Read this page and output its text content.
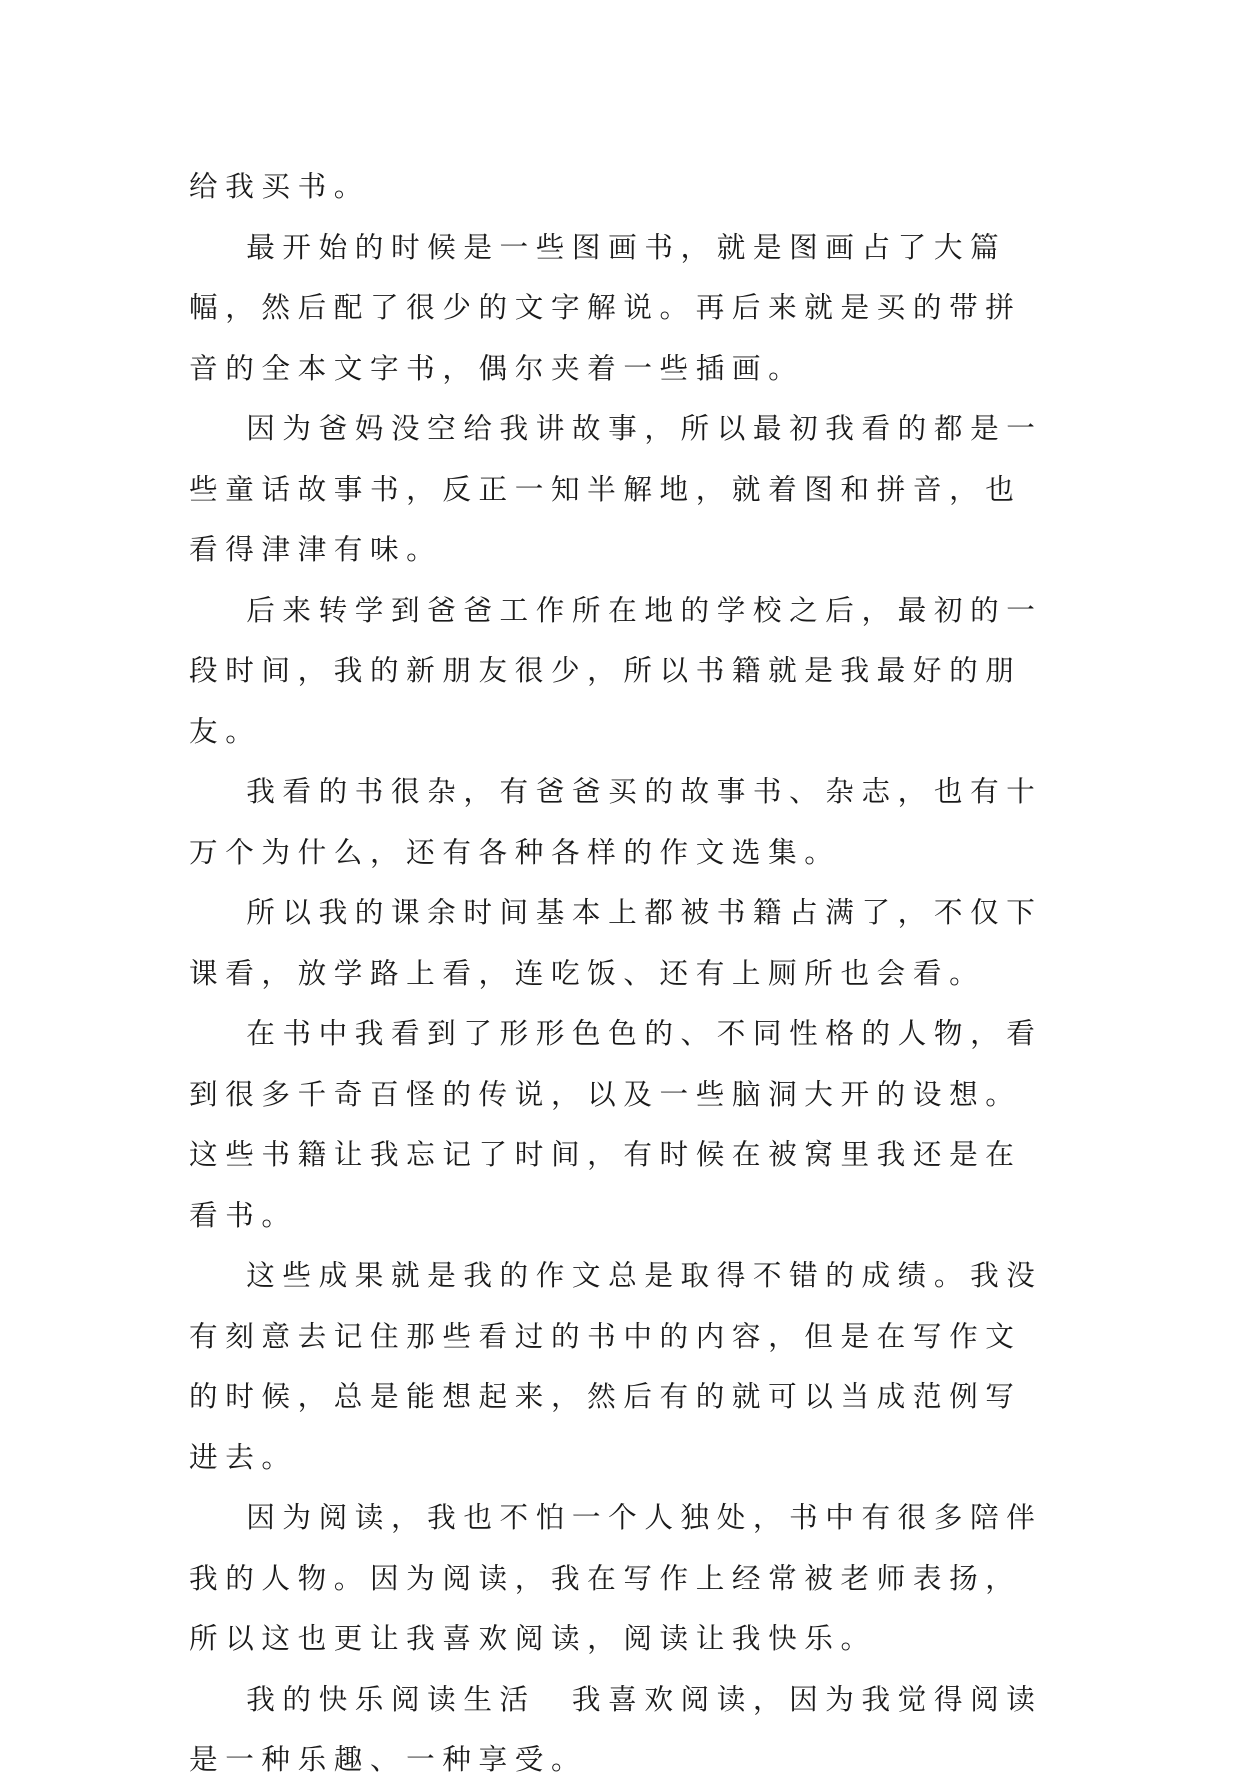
给我买书。

最开始的时候是一些图画书，就是图画占了大篇幅，然后配了很少的文字解说。再后来就是买的带拼音的全本文字书，偶尔夹着一些插画。

因为爸妈没空给我讲故事，所以最初我看的都是一些童话故事书，反正一知半解地，就着图和拼音，也看得津津有味。

后来转学到爸爸工作所在地的学校之后，最初的一段时间，我的新朋友很少，所以书籍就是我最好的朋友。

我看的书很杂，有爸爸买的故事书、杂志，也有十万个为什么，还有各种各样的作文选集。

所以我的课余时间基本上都被书籍占满了，不仅下课看，放学路上看，连吃饭、还有上厕所也会看。

在书中我看到了形形色色的、不同性格的人物，看到很多千奇百怪的传说，以及一些脑洞大开的设想。这些书籍让我忘记了时间，有时候在被窝里我还是在看书。

这些成果就是我的作文总是取得不错的成绩。我没有刻意去记住那些看过的书中的内容，但是在写作文的时候，总是能想起来，然后有的就可以当成范例写进去。

因为阅读，我也不怕一个人独处，书中有很多陪伴我的人物。因为阅读，我在写作上经常被老师表扬，所以这也更让我喜欢阅读，阅读让我快乐。

我的快乐阅读生活　我喜欢阅读，因为我觉得阅读是一种乐趣、一种享受。
